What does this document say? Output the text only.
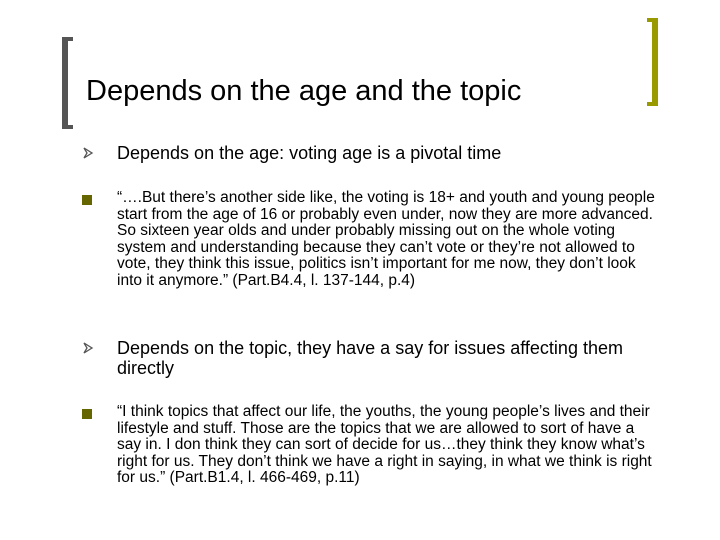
Depends on the age and the topic
Depends on the age: voting age is a pivotal time
“….But there’s another side like, the voting is 18+ and youth and young people start from the age of 16 or probably even under, now they are more advanced. So sixteen year olds and under probably missing out on the whole voting system and understanding because they can’t vote or they’re not allowed to vote, they think this issue, politics isn’t important for me now, they don’t look into it anymore.” (Part.B4.4, l. 137-144, p.4)
Depends on the topic, they have a say for issues affecting them directly
“I think topics that affect our life, the youths, the young people’s lives and their lifestyle and stuff. Those are the topics that we are allowed to sort of have a say in. I don think they can sort of decide for us…they think they know what’s right for us. They don’t think we have a right in saying, in what we think is right for us.” (Part.B1.4, l. 466-469, p.11)
